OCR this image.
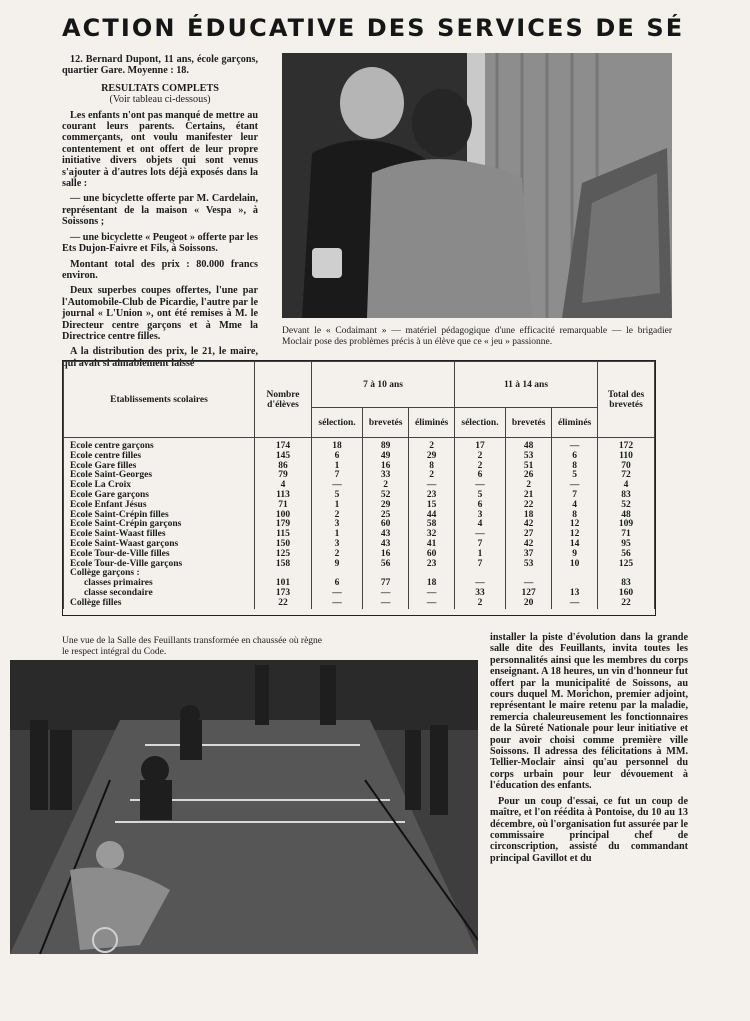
ACTION ÉDUCATIVE DES SERVICES DE SÉ

12. Bernard Dupont, 11 ans, école garçons, quartier Gare. Moyenne : 18.

RESULTATS COMPLETS

(Voir tableau ci-dessous)

Les enfants n'ont pas manqué de mettre au courant leurs parents. Certains, étant commerçants, ont voulu manifester leur contentement et ont offert de leur propre initiative divers objets qui sont venus s'ajouter à d'autres lots déjà exposés dans la salle :

— une bicyclette offerte par M. Cardelain, représentant de la maison « Vespa », à Soissons ;

— une bicyclette « Peugeot » offerte par les Ets Dujon-Faivre et Fils, à Soissons.

Montant total des prix : 80.000 francs environ.

Deux superbes coupes offertes, l'une par l'Automobile-Club de Picardie, l'autre par le journal « L'Union », ont été remises à M. le Directeur centre garçons et à Mme la Directrice centre filles.

A la distribution des prix, le 21, le maire, qui avait si aimablement laissé

Devant le « Codaimant » — matériel pédagogique d'une efficacité remarquable — le brigadier Moclair pose des problèmes précis à un élève que ce « jeu » passionne.
Etablissements scolaires	Nombre d'élèves	7 à 10 ans			11 à 14 ans			Total des brevetés
		sélection.	brevetés	éliminés	sélection.	brevetés	éliminés	
Ecole centre garçons	174	18	89	2	17	48	—	172
Ecole centre filles	145	6	49	29	2	53	6	110
Ecole Gare filles	86	1	16	8	2	51	8	70
Ecole Saint-Georges	79	7	33	2	6	26	5	72
Ecole La Croix	4	—	2	—	—	2	—	4
Ecole Gare garçons	113	5	52	23	5	21	7	83
Ecole Enfant Jésus	71	1	29	15	6	22	4	52
Ecole Saint-Crépin filles	100	2	25	44	3	18	8	48
Ecole Saint-Crépin garçons	179	3	60	58	4	42	12	109
Ecole Saint-Waast filles	115	1	43	32	—	27	12	71
Ecole Saint-Waast garçons	150	3	43	41	7	42	14	95
Ecole Tour-de-Ville filles	125	2	16	60	1	37	9	56
Ecole Tour-de-Ville garçons	158	9	56	23	7	53	10	125
Collège garçons :								
classes primaires	101	6	77	18	—	—		83
classe secondaire	173	—	—	—	33	127	13	160
Collège filles	22	—	—	—	2	20	—	22
Une vue de la Salle des Feuillants transformée en chaussée où règne le respect intégral du Code.

installer la piste d'évolution dans la grande salle dite des Feuillants, invita toutes les personnalités ainsi que les membres du corps enseignant. A 18 heures, un vin d'honneur fut offert par la municipalité de Soissons, au cours duquel M. Morichon, premier adjoint, représentant le maire retenu par la maladie, remercia chaleureusement les fonctionnaires de la Sûreté Nationale pour leur initiative et pour avoir choisi comme première ville Soissons. Il adressa des félicitations à MM. Tellier-Moclair ainsi qu'au personnel du corps urbain pour leur dévouement à l'éducation des enfants.

Pour un coup d'essai, ce fut un coup de maître, et l'on réédita à Pontoise, du 10 au 13 décembre, où l'organisation fut assurée par le commissaire principal chef de circonscription, assisté du commandant principal Gavillot et du
